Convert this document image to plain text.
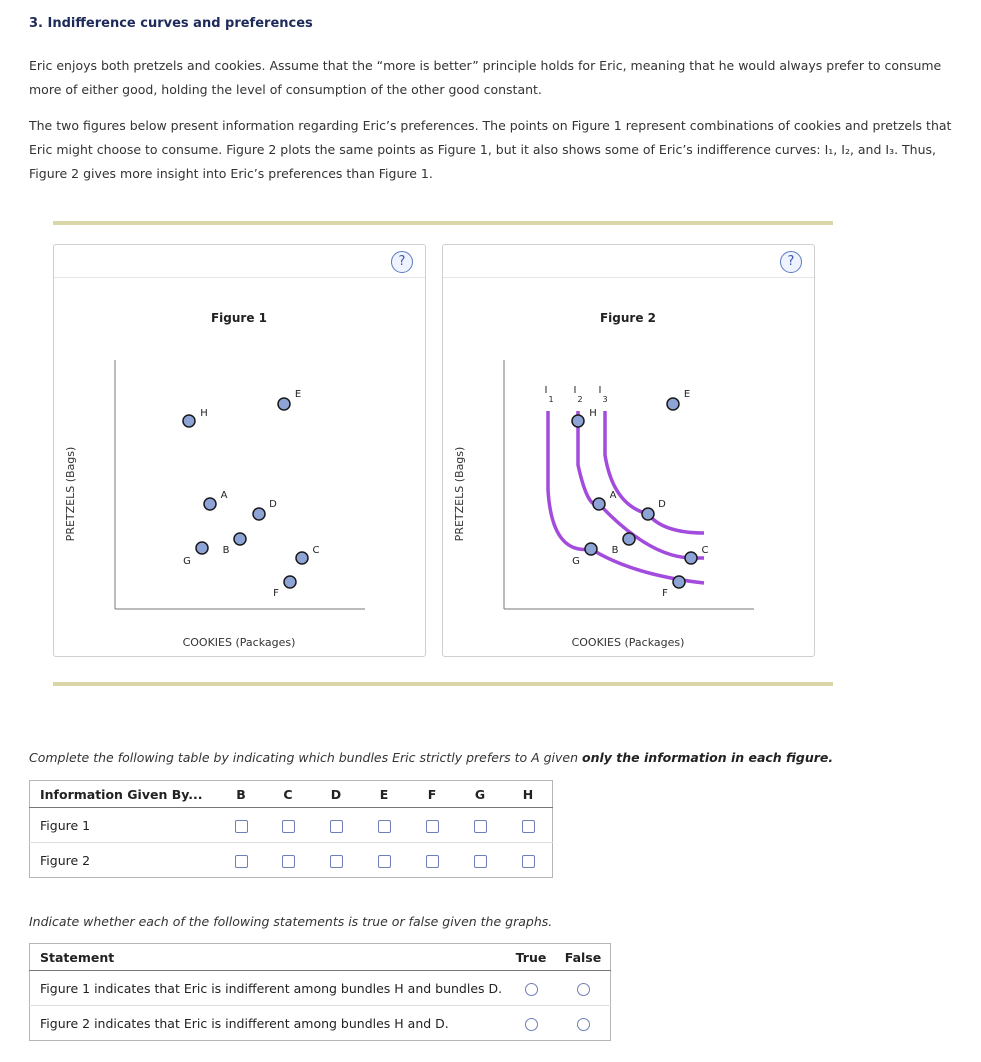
3. Indifference curves and preferences
Eric enjoys both pretzels and cookies. Assume that the “more is better” principle holds for Eric, meaning that he would always prefer to consume more of either good, holding the level of consumption of the other good constant.
The two figures below present information regarding Eric’s preferences. The points on Figure 1 represent combinations of cookies and pretzels that Eric might choose to consume. Figure 2 plots the same points as Figure 1, but it also shows some of Eric’s indifference curves: I₁, I₂, and I₃. Thus, Figure 2 gives more insight into Eric’s preferences than Figure 1.
?
Figure 1
PRETZELS (Bags)
COOKIES (Packages)
H
E
A
D
G
B	C
F
?
Figure 2
PRETZELS (Bags)
COOKIES (Packages)
I
1
I
2
I
3
H
E
A
D
G
B	C
F
Complete the following table by indicating which bundles Eric strictly prefers to A given only the information in each figure.
Information Given By...	B	C	D	E	F	G	H
Figure 1							
Figure 2							
Indicate whether each of the following statements is true or false given the graphs.
Statement	True	False
Figure 1 indicates that Eric is indifferent among bundles H and bundles D.		
Figure 2 indicates that Eric is indifferent among bundles H and D.		
